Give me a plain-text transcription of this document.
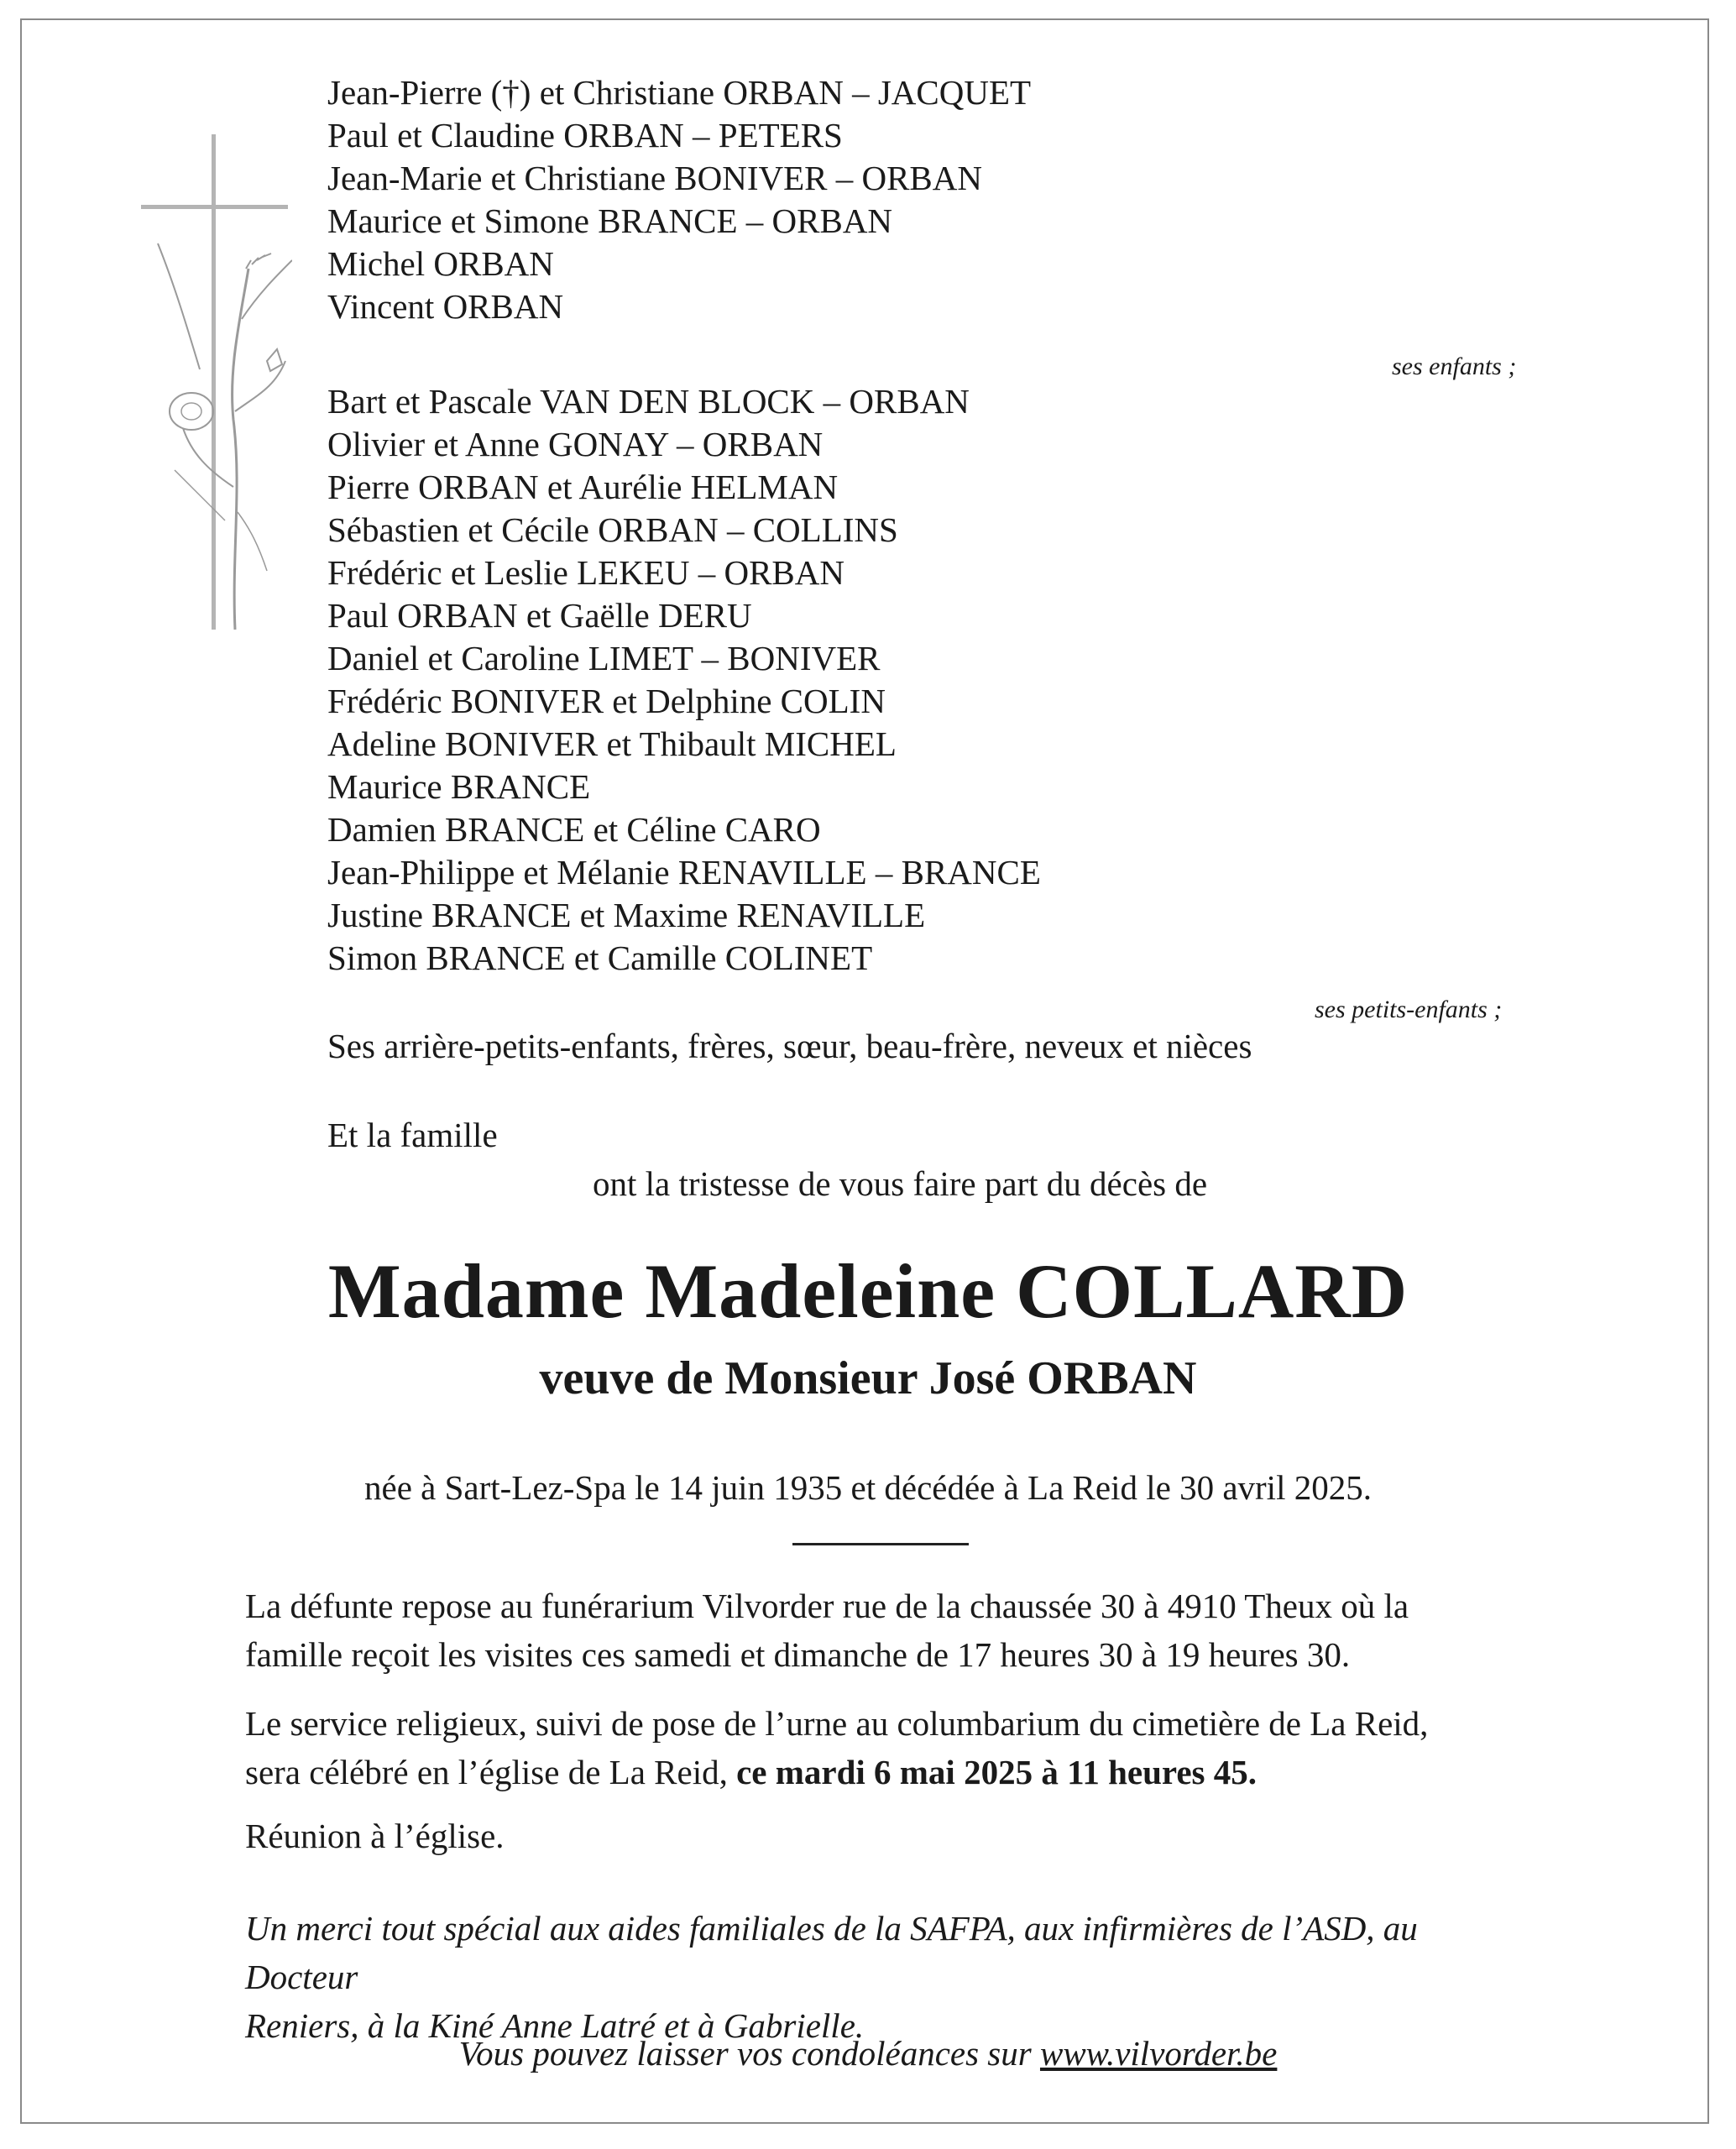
Jean-Pierre (†) et Christiane ORBAN – JACQUET
Paul et Claudine ORBAN – PETERS
Jean-Marie et Christiane BONIVER – ORBAN
Maurice et Simone BRANCE – ORBAN
Michel ORBAN
Vincent ORBAN
ses enfants ;
Bart et Pascale VAN DEN BLOCK – ORBAN
Olivier et Anne GONAY – ORBAN
Pierre ORBAN et Aurélie HELMAN
Sébastien et Cécile ORBAN – COLLINS
Frédéric et Leslie LEKEU – ORBAN
Paul ORBAN et Gaëlle DERU
Daniel et Caroline LIMET – BONIVER
Frédéric BONIVER et Delphine COLIN
Adeline BONIVER et Thibault MICHEL
Maurice BRANCE
Damien BRANCE et Céline CARO
Jean-Philippe et Mélanie RENAVILLE – BRANCE
Justine BRANCE et Maxime RENAVILLE
Simon BRANCE et Camille COLINET
ses petits-enfants ;
Ses arrière-petits-enfants, frères, sœur, beau-frère, neveux et nièces
Et la famille
ont la tristesse de vous faire part du décès de
Madame Madeleine COLLARD
veuve de Monsieur José ORBAN
née à Sart-Lez-Spa le 14 juin 1935 et décédée à La Reid le 30 avril 2025.
La défunte repose au funérarium Vilvorder rue de la chaussée 30 à 4910 Theux où la
famille reçoit les visites ces samedi et dimanche de 17 heures 30 à 19 heures 30.
Le service religieux, suivi de pose de l’urne au columbarium du cimetière de La Reid,
sera célébré en l’église de La Reid, ce mardi 6 mai 2025 à 11 heures 45.
Réunion à l’église.
Un merci tout spécial aux aides familiales de la SAFPA, aux infirmières de l’ASD, au Docteur
Reniers, à la Kiné Anne Latré et à Gabrielle.
Vous pouvez laisser vos condoléances sur www.vilvorder.be
